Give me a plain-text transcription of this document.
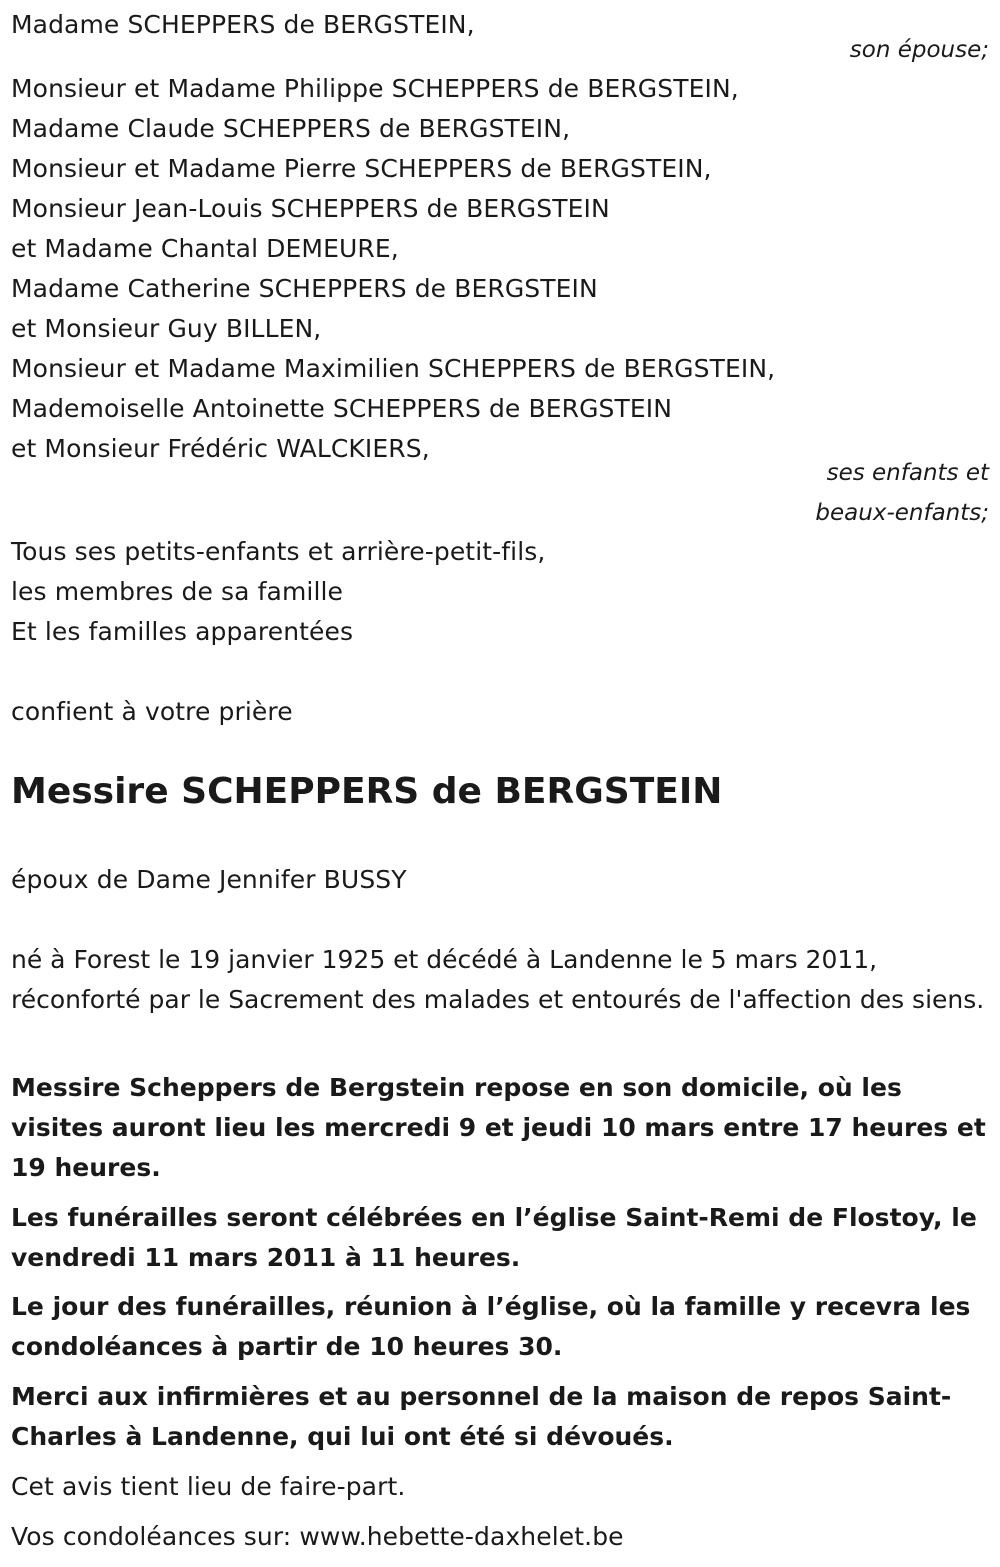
Madame SCHEPPERS de BERGSTEIN,
son épouse;
Monsieur et Madame Philippe SCHEPPERS de BERGSTEIN,
Madame Claude SCHEPPERS de BERGSTEIN,
Monsieur et Madame Pierre SCHEPPERS de BERGSTEIN,
Monsieur Jean-Louis SCHEPPERS de BERGSTEIN
et Madame Chantal DEMEURE,
Madame Catherine SCHEPPERS de BERGSTEIN
et Monsieur Guy BILLEN,
Monsieur et Madame Maximilien SCHEPPERS de BERGSTEIN,
Mademoiselle Antoinette SCHEPPERS de BERGSTEIN
et Monsieur Frédéric WALCKIERS,
ses enfants et
beaux-enfants;
Tous ses petits-enfants et arrière-petit-fils,
les membres de sa famille
Et les familles apparentées
confient à votre prière
Messire SCHEPPERS de BERGSTEIN
époux de Dame Jennifer BUSSY
né à Forest le 19 janvier 1925 et décédé à Landenne le 5 mars 2011, réconforté par le Sacrement des malades et entourés de l'affection des siens.
Messire Scheppers de Bergstein repose en son domicile, où les visites auront lieu les mercredi 9 et jeudi 10 mars entre 17 heures et 19 heures.
Les funérailles seront célébrées en l’église Saint-Remi de Flostoy, le vendredi 11 mars 2011 à 11 heures.
Le jour des funérailles, réunion à l’église, où la famille y recevra les condoléances à partir de 10 heures 30.
Merci aux infirmières et au personnel de la maison de repos Saint-Charles à Landenne, qui lui ont été si dévoués.
Cet avis tient lieu de faire-part.
Vos condoléances sur: www.hebette-daxhelet.be
